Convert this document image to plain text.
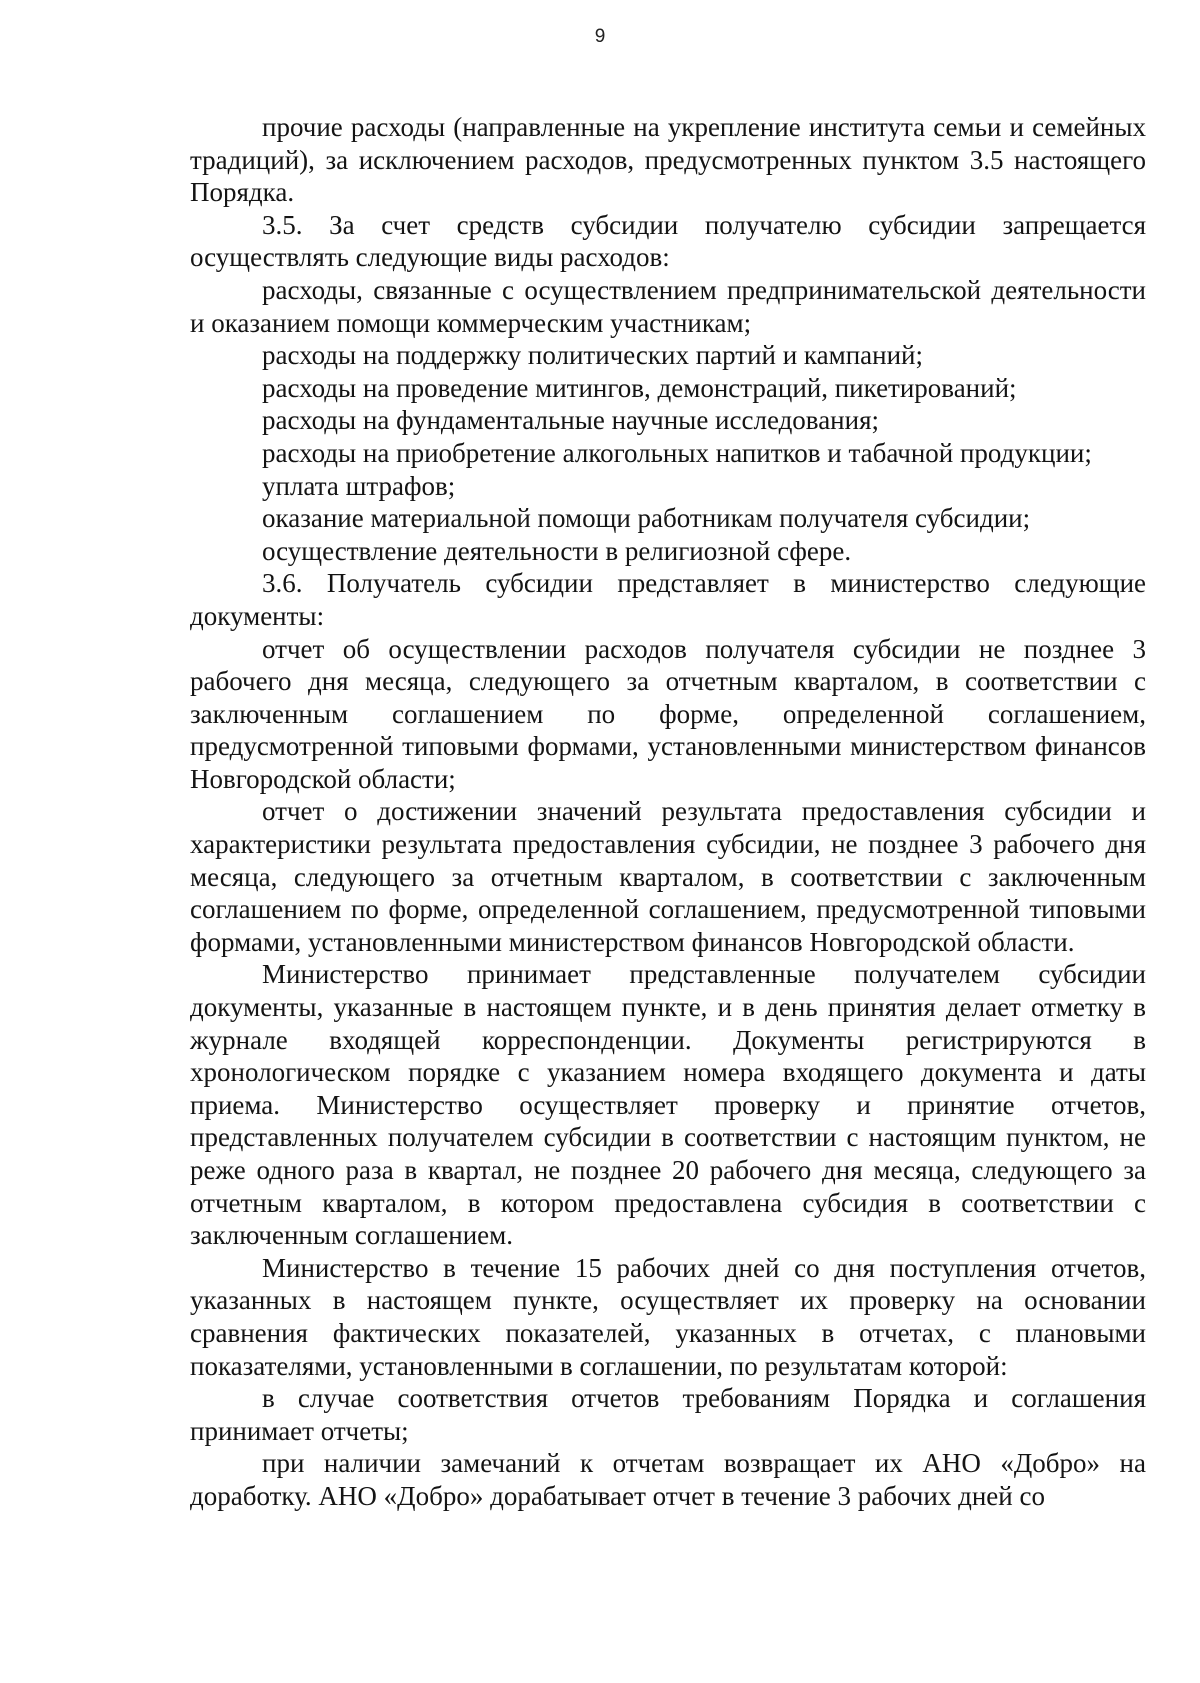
9

прочие расходы (направленные на укрепление института семьи и семейных традиций), за исключением расходов, предусмотренных пунктом 3.5 настоящего Порядка.

3.5. За счет средств субсидии получателю субсидии запрещается осуществлять следующие виды расходов:

расходы, связанные с осуществлением предпринимательской деятельности и оказанием помощи коммерческим участникам;

расходы на поддержку политических партий и кампаний;

расходы на проведение митингов, демонстраций, пикетирований;

расходы на фундаментальные научные исследования;

расходы на приобретение алкогольных напитков и табачной продукции;

уплата штрафов;

оказание материальной помощи работникам получателя субсидии;

осуществление деятельности в религиозной сфере.

3.6. Получатель субсидии представляет в министерство следующие документы:

отчет об осуществлении расходов получателя субсидии не позднее 3 рабочего дня месяца, следующего за отчетным кварталом, в соответствии с заключенным соглашением по форме, определенной соглашением, предусмотренной типовыми формами, установленными министерством финансов Новгородской области;

отчет о достижении значений результата предоставления субсидии и характеристики результата предоставления субсидии, не позднее 3 рабочего дня месяца, следующего за отчетным кварталом, в соответствии с заключенным соглашением по форме, определенной соглашением, предусмотренной типовыми формами, установленными министерством финансов Новгородской области.

Министерство принимает представленные получателем субсидии документы, указанные в настоящем пункте, и в день принятия делает отметку в журнале входящей корреспонденции. Документы регистрируются в хронологическом порядке с указанием номера входящего документа и даты приема. Министерство осуществляет проверку и принятие отчетов, представленных получателем субсидии в соответствии с настоящим пунктом, не реже одного раза в квартал, не позднее 20 рабочего дня месяца, следующего за отчетным кварталом, в котором предоставлена субсидия в соответствии с заключенным соглашением.

Министерство в течение 15 рабочих дней со дня поступления отчетов, указанных в настоящем пункте, осуществляет их проверку на основании сравнения фактических показателей, указанных в отчетах, с плановыми показателями, установленными в соглашении, по результатам которой:

в случае соответствия отчетов требованиям Порядка и соглашения принимает отчеты;

при наличии замечаний к отчетам возвращает их АНО «Добро» на доработку. АНО «Добро» дорабатывает отчет в течение 3 рабочих дней со
